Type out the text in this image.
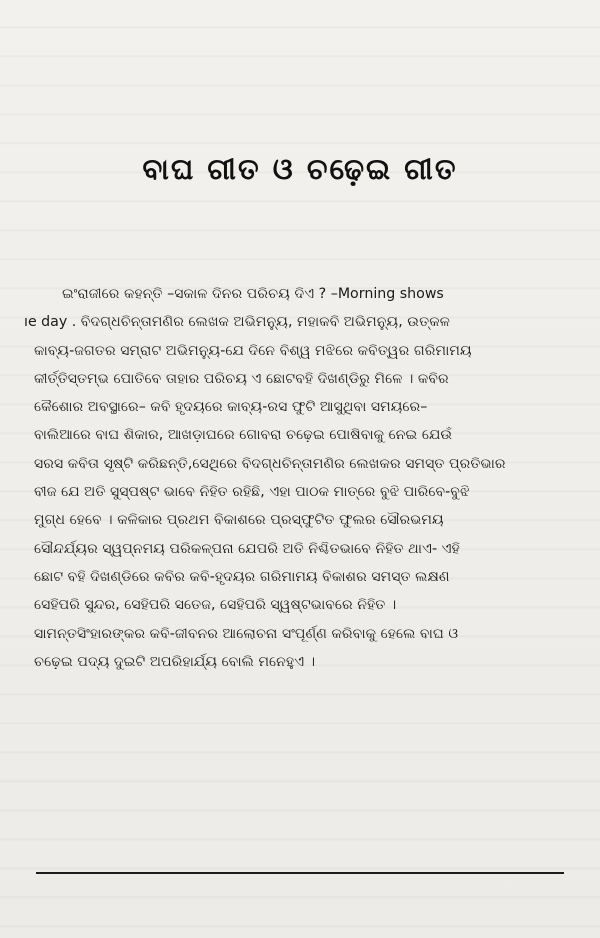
ବାଘ ଗୀତ ଓ ଚଢ଼େଇ ଗୀତ
ଇଂରାଜୀରେ କହନ୍ତି –ସକାଳ ଦିନର ପରିଚୟ ଦିଏ ? –Morning shows
ıe day . ବିଦଗ୍ଧଚିନ୍ତାମଣିର ଲେଖକ ଅଭିମନ୍ୟୁ, ମହାକବି ଅଭିମନ୍ୟୁ, ଉତ୍କଳ
କାବ୍ୟ-ଜଗତର ସମ୍ରାଟ ଅଭିମନ୍ୟୁ-ଯେ ଦିନେ ବିଶ୍ୱ ମଝିରେ କବିତ୍ୱର ଗରିମାମୟ
କୀର୍ତ୍ତିସ୍ତମ୍ଭ ପୋତିବେ ତାହାର ପରିଚୟ ଏ ଛୋଟବହି ଦିଖଣ୍ଡିରୁ ମିଳେ । କବିର
କୈଶୋର ଅବସ୍ଥାରେ– କବି ହୃଦୟରେ କାବ୍ୟ-ରସ ଫୁଟି ଆସୁଥିବା ସମୟରେ–
ବାଲିଆରେ ବାଘ ଶିକାର, ଆଖଡ଼ାଘରେ ଗୋବରା ଚଢ଼େଇ ପୋଷିବାକୁ ନେଇ ଯେଉଁ
ସରସ କବିତା ସୃଷ୍ଟି କରିଛନ୍ତି,ସେଥିରେ ବିଦଗ୍ଧଚିନ୍ତାମଣିର ଲେଖକର ସମସ୍ତ ପ୍ରତିଭାର
ବୀଜ ଯେ ଅତି ସୁସ୍ପଷ୍ଟ ଭାବେ ନିହିତ ରହିଛି, ଏହା ପାଠକ ମାତ୍ରେ ବୁଝି ପାରିବେ-ବୁଝି
ମୁଗ୍ଧ ହେବେ । କଳିକାର ପ୍ରଥମ ବିକାଶରେ ପ୍ରସ୍ଫୁଟିତ ଫୁଲର ସୌରଭମୟ
ସୌନ୍ଦର୍ଯ୍ୟର ସ୍ୱପ୍ନମୟ ପରିକଳ୍ପନା ଯେପରି ଅତି ନିଶ୍ଚିତଭାବେ ନିହିତ ଥାଏ- ଏହି
ଛୋଟ ବହି ଦିଖଣ୍ଡିରେ କବିର କବି-ହୃଦୟର ଗରିମାମୟ ବିକାଶର ସମସ୍ତ ଲକ୍ଷଣ
ସେହିପରି ସୁନ୍ଦର, ସେହିପରି ସତେଜ, ସେହିପରି ସ୍ୱଷ୍ଟଭାବରେ ନିହିତ ।
ସାମନ୍ତସିଂହାରଙ୍କର କବି-ଜୀବନର ଆଲୋଚନା ସଂପୂର୍ଣ୍ଣ କରିବାକୁ ହେଲେ ବାଘ ଓ
ଚଢ଼େଇ ପଦ୍ୟ ଦୁଇଟି ଅପରିହାର୍ଯ୍ୟ ବୋଲି ମନେହୁଏ ।
